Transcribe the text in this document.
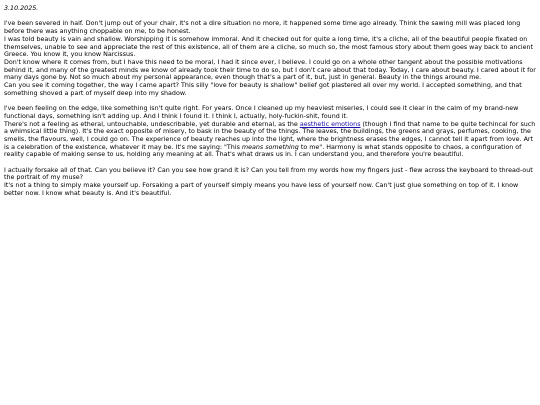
3.10.2025.
I've been severed in half. Don't jump out of your chair, it's not a dire situation no more, it happened some time ago already. Think the sawing mill was placed long before there was anything choppable on me, to be honest.
I was told beauty is vain and shallow. Worshipping it is somehow immoral. And it checked out for quite a long time, it's a cliche, all of the beautiful people fixated on themselves, unable to see and appreciate the rest of this existence, all of them are a cliche, so much so, the most famous story about them goes way back to ancient Greece. You know it, you know Narcissus.
Don't know where it comes from, but I have this need to be moral, I had it since ever, I believe. I could go on a whole other tangent about the possible motivations behind it, and many of the greatest minds we know of already took their time to do so, but I don't care about that today. Today, I care about beauty. I cared about it for many days gone by. Not so much about my personal appearance, even though that's a part of it, but, just in general. Beauty in the things around me.
Can you see it coming together, the way I came apart? This silly "love for beauty is shallow" belief got plastered all over my world. I accepted something, and that something shoved a part of myself deep into my shadow.
I've been feeling on the edge, like something isn't quite right. For years. Once I cleaned up my heaviest miseries, I could see it clear in the calm of my brand-new functional days, something isn't adding up. And I think I found it. I think I, actually, holy-fuckin-shit, found it.
There's not a feeling as etheral, untouchable, undescribable, yet durable and eternal, as the aesthetic emotions (though I find that name to be quite techincal for such a whimsical little thing). It's the exact opposite of misery, to bask in the beauty of the things. The leaves, the buildings, the greens and grays, perfumes, cooking, the smells, the flavours, well, I could go on. The experience of beauty reaches up into the light, where the brightness erases the edges, I cannot tell it apart from love. Art is a celebration of the existence, whatever it may be. It's me saying: "This means something to me". Harmony is what stands opposite to chaos, a configuration of reality capable of making sense to us, holding any meaning at all. That's what draws us in. I can understand you, and therefore you're beautiful.
I actually forsake all of that. Can you believe it? Can you see how grand it is? Can you tell from my words how my fingers just - flew across the keyboard to thread-out the portrait of my muse?
It's not a thing to simply make yourself up. Forsaking a part of yourself simply means you have less of yourself now. Can't just glue something on top of it. I know better now. I know what beauty is. And it's beautiful.
